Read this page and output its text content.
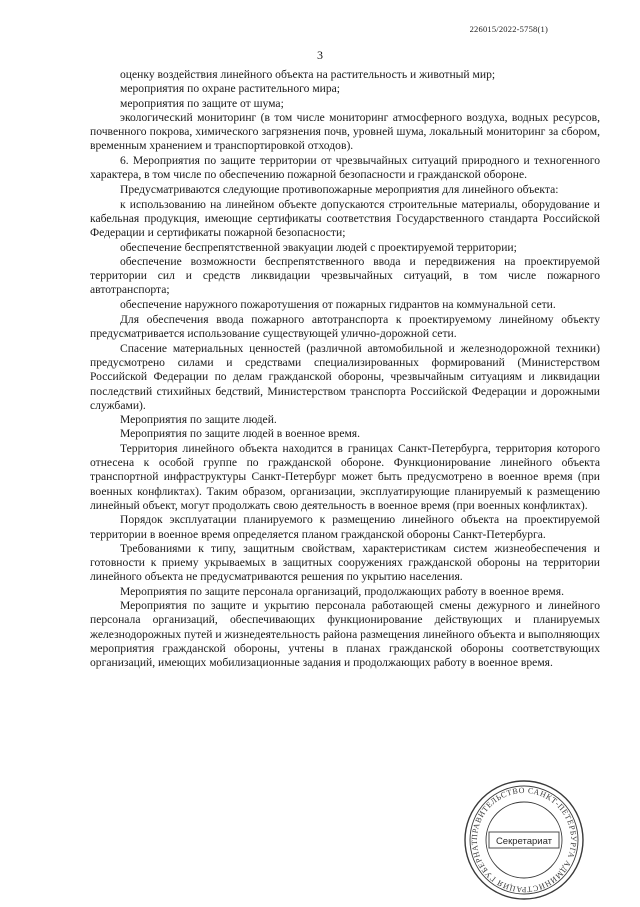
226015/2022-5758(1)
3

оценку воздействия линейного объекта на растительность и животный мир;

мероприятия по охране растительного мира;

мероприятия по защите от шума;

экологический мониторинг (в том числе мониторинг атмосферного воздуха, водных ресурсов, почвенного покрова, химического загрязнения почв, уровней шума, локальный мониторинг за сбором, временным хранением и транспортировкой отходов).

6. Мероприятия по защите территории от чрезвычайных ситуаций природного и техногенного характера, в том числе по обеспечению пожарной безопасности и гражданской обороне.

Предусматриваются следующие противопожарные мероприятия для линейного объекта:

к использованию на линейном объекте допускаются строительные материалы, оборудование и кабельная продукция, имеющие сертификаты соответствия Государственного стандарта Российской Федерации и сертификаты пожарной безопасности;

обеспечение беспрепятственной эвакуации людей с проектируемой территории;

обеспечение возможности беспрепятственного ввода и передвижения на проектируемой территории сил и средств ликвидации чрезвычайных ситуаций, в том числе пожарного автотранспорта;

обеспечение наружного пожаротушения от пожарных гидрантов на коммунальной сети.

Для обеспечения ввода пожарного автотранспорта к проектируемому линейному объекту предусматривается использование существующей улично-дорожной сети.

Спасение материальных ценностей (различной автомобильной и железнодорожной техники) предусмотрено силами и средствами специализированных формирований (Министерством Российской Федерации по делам гражданской обороны, чрезвычайным ситуациям и ликвидации последствий стихийных бедствий, Министерством транспорта Российской Федерации и дорожными службами).

Мероприятия по защите людей.

Мероприятия по защите людей в военное время.

Территория линейного объекта находится в границах Санкт-Петербурга, территория которого отнесена к особой группе по гражданской обороне. Функционирование линейного объекта транспортной инфраструктуры Санкт-Петербург может быть предусмотрено в военное время (при военных конфликтах). Таким образом, организации, эксплуатирующие планируемый к размещению линейный объект, могут продолжать свою деятельность в военное время (при военных конфликтах).

Порядок эксплуатации планируемого к размещению линейного объекта на проектируемой территории в военное время определяется планом гражданской обороны Санкт-Петербурга.

Требованиями к типу, защитным свойствам, характеристикам систем жизнеобеспечения и готовности к приему укрываемых в защитных сооружениях гражданской обороны на территории линейного объекта не предусматриваются решения по укрытию населения.

Мероприятия по защите персонала организаций, продолжающих работу в военное время.

Мероприятия по защите и укрытию персонала работающей смены дежурного и линейного персонала организаций, обеспечивающих функционирование действующих и планируемых железнодорожных путей и жизнедеятельность района размещения линейного объекта и выполняющих мероприятия гражданской обороны, учтены в планах гражданской обороны соответствующих организаций, имеющих мобилизационные задания и продолжающих работу в военное время.

ПРАВИТЕЛЬСТВО САНКТ-ПЕТЕРБУРГА АДМИНИСТРАЦИЯ ГУБЕРНАТ	Секретариат
